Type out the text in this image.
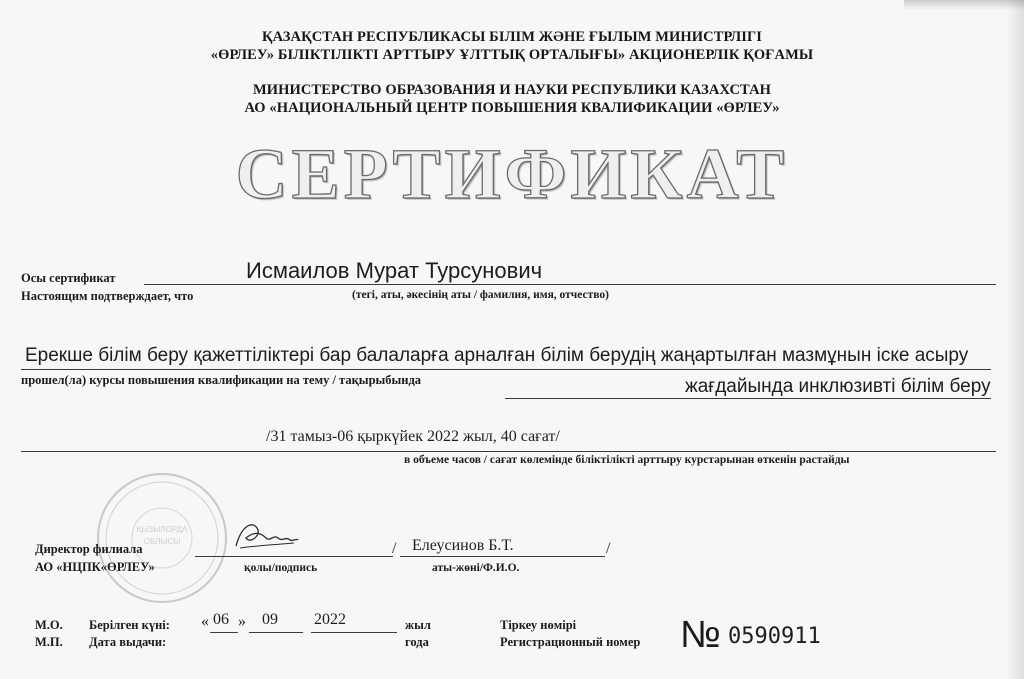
ҚАЗАҚСТАН РЕСПУБЛИКАСЫ БІЛІМ ЖӘНЕ ҒЫЛЫМ МИНИСТРЛІГІ
«ӨРЛЕУ» БІЛІКТІЛІКТІ АРТТЫРУ ҰЛТТЫҚ ОРТАЛЫҒЫ» АКЦИОНЕРЛІК ҚОҒАМЫ
МИНИСТЕРСТВО ОБРАЗОВАНИЯ И НАУКИ РЕСПУБЛИКИ КАЗАХСТАН
АО «НАЦИОНАЛЬНЫЙ ЦЕНТР ПОВЫШЕНИЯ КВАЛИФИКАЦИИ «ӨРЛЕУ»
СЕРТИФИКАТ
Осы сертификат
Настоящим подтверждает, что
Исмаилов Мурат Турсунович
(тегі, аты, әкесінің аты / фамилия, имя, отчество)
Ерекше білім беру қажеттіліктері бар балаларға арналған білім берудің жаңартылған мазмұнын іске асыру
прошел(ла) курсы повышения квалификации на тему / тақырыбында	жағдайында инклюзивті білім беру
/31 тамыз-06 қыркүйек 2022 жыл, 40 сағат/
в объеме часов / сағат көлемінде біліктілікті арттыру курстарынан өткенін растайды
ҚЫЗЫЛОРДА
ОБЛЫСЫ
Директор филиала
АО «НЦПК«ӨРЛЕУ»
/
қолы/подпись
Елеусинов Б.Т.	/
аты-жөні/Ф.И.О.
М.О.
М.П.
Берілген күні:
Дата выдачи:
« 06 » 09 2022	жыл
года
Тіркеу нөмірі
Регистрационный номер № 0590911
